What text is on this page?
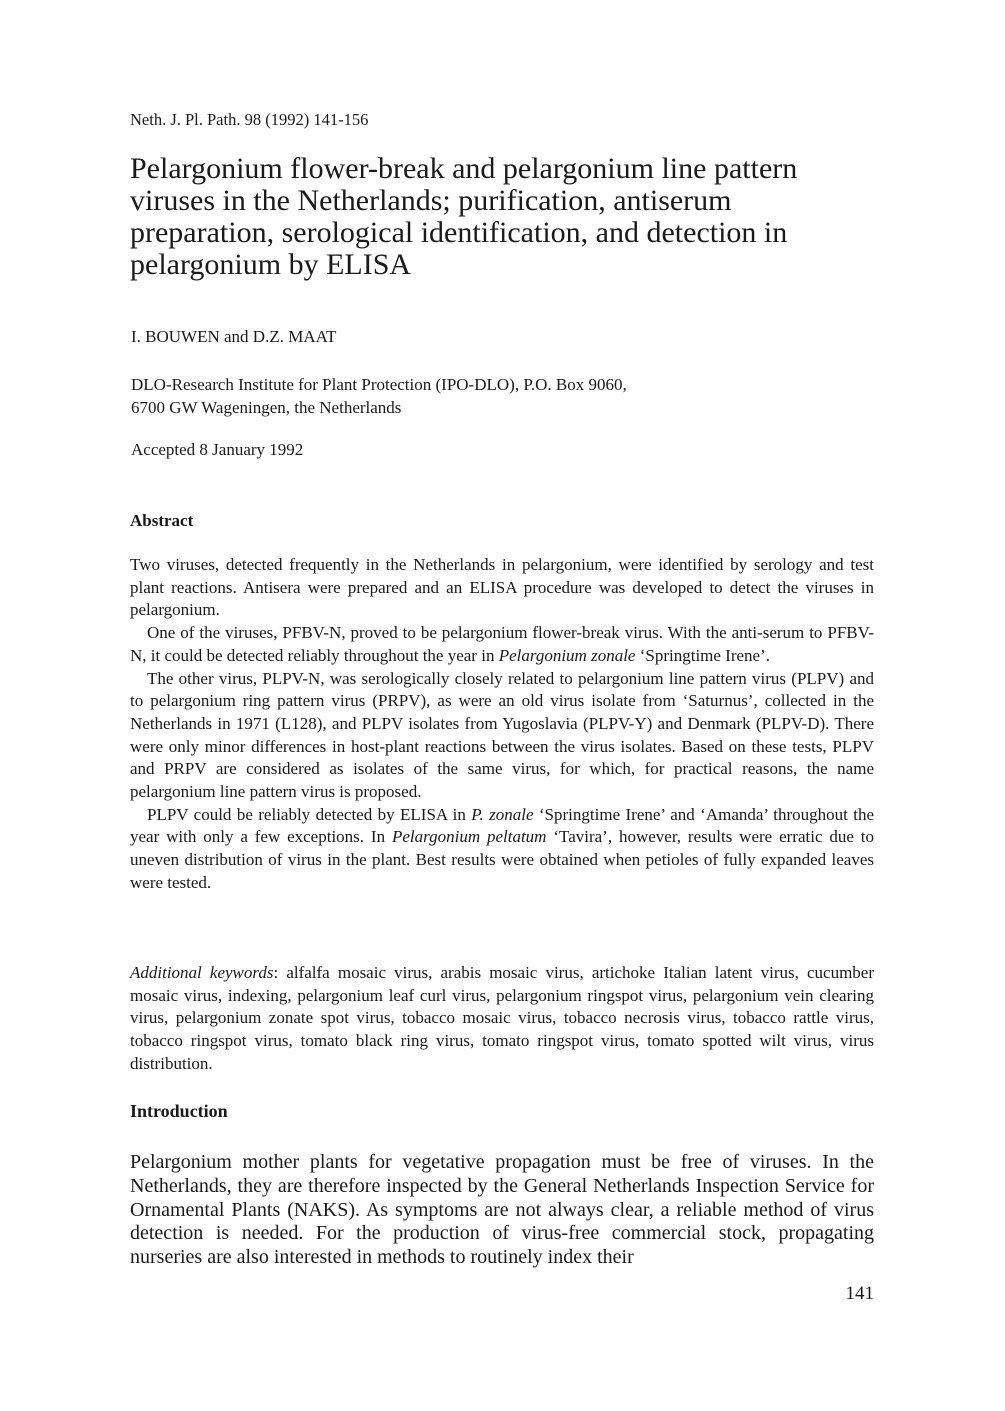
Neth. J. Pl. Path. 98 (1992) 141-156
Pelargonium flower-break and pelargonium line pattern viruses in the Netherlands; purification, antiserum preparation, serological identification, and detection in pelargonium by ELISA
I. BOUWEN and D.Z. MAAT
DLO-Research Institute for Plant Protection (IPO-DLO), P.O. Box 9060,
6700 GW Wageningen, the Netherlands
Accepted 8 January 1992
Abstract

Two viruses, detected frequently in the Netherlands in pelargonium, were identified by serology and test plant reactions. Antisera were prepared and an ELISA procedure was developed to detect the viruses in pelargonium.

One of the viruses, PFBV-N, proved to be pelargonium flower-break virus. With the anti-serum to PFBV-N, it could be detected reliably throughout the year in Pelargonium zonale ‘Springtime Irene’.

The other virus, PLPV-N, was serologically closely related to pelargonium line pattern virus (PLPV) and to pelargonium ring pattern virus (PRPV), as were an old virus isolate from ‘Saturnus’, collected in the Netherlands in 1971 (L128), and PLPV isolates from Yugoslavia (PLPV-Y) and Denmark (PLPV-D). There were only minor differences in host-plant reactions between the virus isolates. Based on these tests, PLPV and PRPV are considered as isolates of the same virus, for which, for practical reasons, the name pelargonium line pattern virus is proposed.

PLPV could be reliably detected by ELISA in P. zonale ‘Springtime Irene’ and ‘Amanda’ throughout the year with only a few exceptions. In Pelargonium peltatum ‘Tavira’, however, results were erratic due to uneven distribution of virus in the plant. Best results were obtained when petioles of fully expanded leaves were tested.

Additional keywords: alfalfa mosaic virus, arabis mosaic virus, artichoke Italian latent virus, cucumber mosaic virus, indexing, pelargonium leaf curl virus, pelargonium ringspot virus, pelargonium vein clearing virus, pelargonium zonate spot virus, tobacco mosaic virus, tobacco necrosis virus, tobacco rattle virus, tobacco ringspot virus, tomato black ring virus, tomato ringspot virus, tomato spotted wilt virus, virus distribution.

Introduction

Pelargonium mother plants for vegetative propagation must be free of viruses. In the Netherlands, they are therefore inspected by the General Netherlands Inspection Service for Ornamental Plants (NAKS). As symptoms are not always clear, a reliable method of virus detection is needed. For the production of virus-free commercial stock, propagating nurseries are also interested in methods to routinely index their

141
